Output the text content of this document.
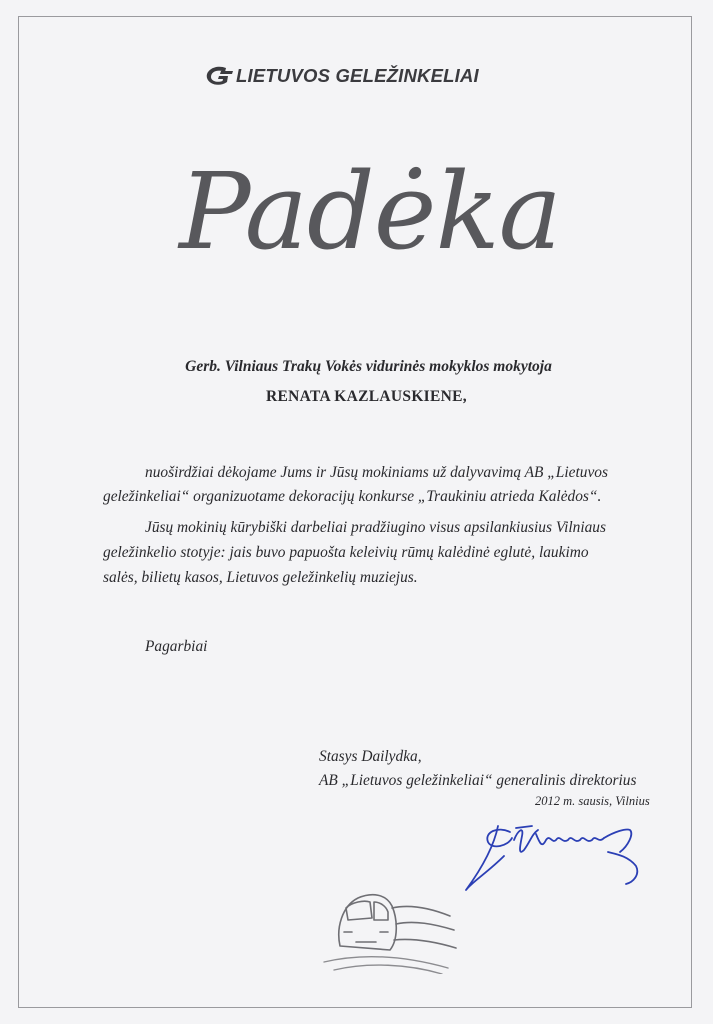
LIETUVOS GELEŽINKELIAI
Padėka
Gerb. Vilniaus Trakų Vokės vidurinės mokyklos mokytoja
RENATA KAZLAUSKIENE,
nuoširdžiai dėkojame Jums ir Jūsų mokiniams už dalyvavimą AB „Lietuvos
geležinkeliai“ organizuotame dekoracijų konkurse „Traukiniu atrieda Kalėdos“.
Jūsų mokinių kūrybiški darbeliai pradžiugino visus apsilankiusius Vilniaus
geležinkelio stotyje: jais buvo papuošta keleivių rūmų kalėdinė eglutė, laukimo
salės, bilietų kasos, Lietuvos geležinkelių muziejus.
Pagarbiai
Stasys Dailydka,
AB „Lietuvos geležinkeliai“ generalinis direktorius
2012 m. sausis, Vilnius
